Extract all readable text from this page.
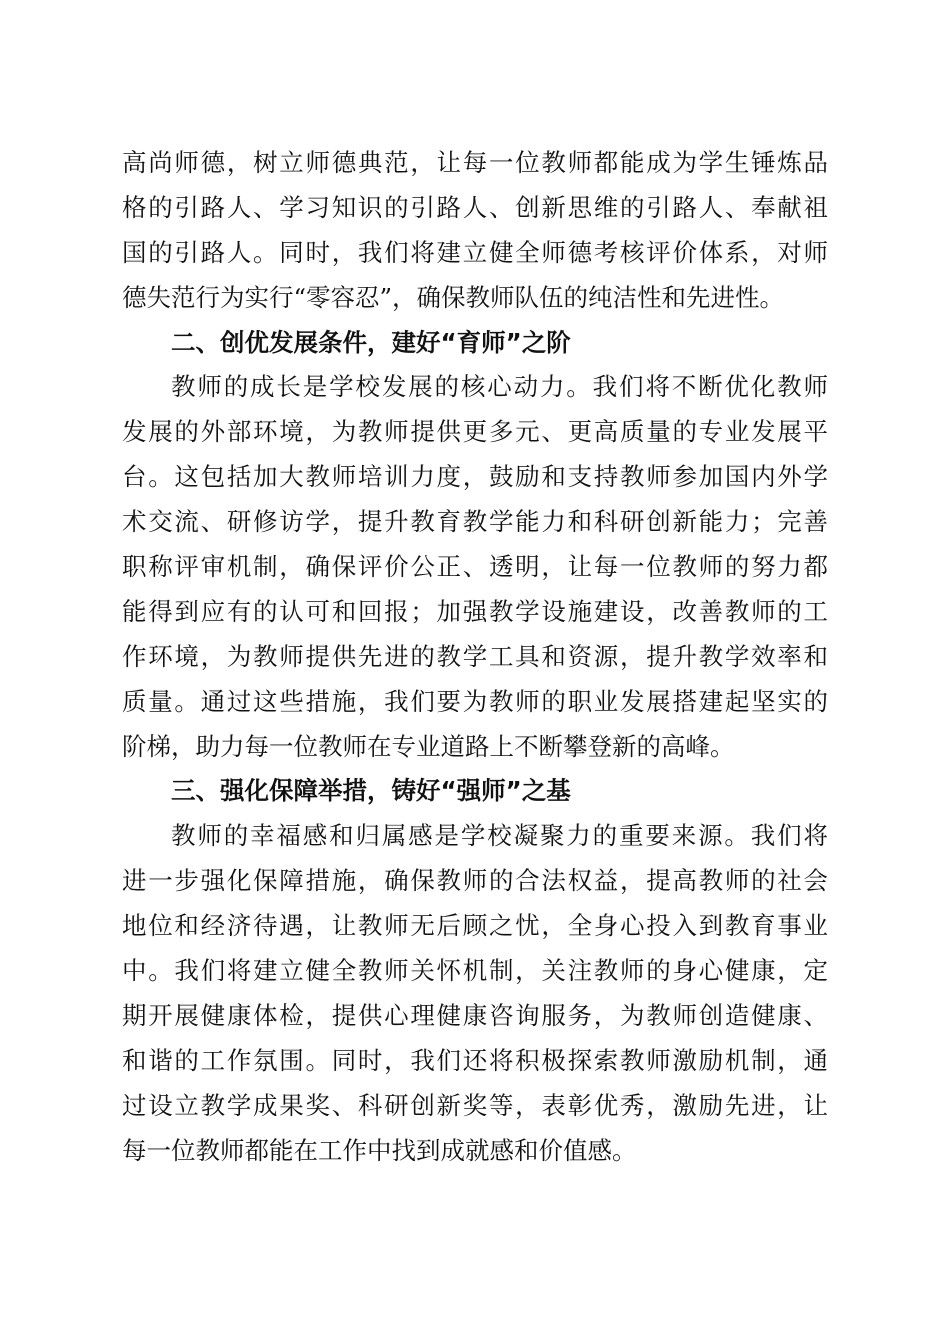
高尚师德，树立师德典范，让每一位教师都能成为学生锤炼品
格的引路人、学习知识的引路人、创新思维的引路人、奉献祖
国的引路人。同时，我们将建立健全师德考核评价体系，对师
德失范行为实行“零容忍”，确保教师队伍的纯洁性和先进性。
二、创优发展条件，建好“育师”之阶
教师的成长是学校发展的核心动力。我们将不断优化教师
发展的外部环境，为教师提供更多元、更高质量的专业发展平
台。这包括加大教师培训力度，鼓励和支持教师参加国内外学
术交流、研修访学，提升教育教学能力和科研创新能力；完善
职称评审机制，确保评价公正、透明，让每一位教师的努力都
能得到应有的认可和回报；加强教学设施建设，改善教师的工
作环境，为教师提供先进的教学工具和资源，提升教学效率和
质量。通过这些措施，我们要为教师的职业发展搭建起坚实的
阶梯，助力每一位教师在专业道路上不断攀登新的高峰。
三、强化保障举措，铸好“强师”之基
教师的幸福感和归属感是学校凝聚力的重要来源。我们将
进一步强化保障措施，确保教师的合法权益，提高教师的社会
地位和经济待遇，让教师无后顾之忧，全身心投入到教育事业
中。我们将建立健全教师关怀机制，关注教师的身心健康，定
期开展健康体检，提供心理健康咨询服务，为教师创造健康、
和谐的工作氛围。同时，我们还将积极探索教师激励机制，通
过设立教学成果奖、科研创新奖等，表彰优秀，激励先进，让
每一位教师都能在工作中找到成就感和价值感。
